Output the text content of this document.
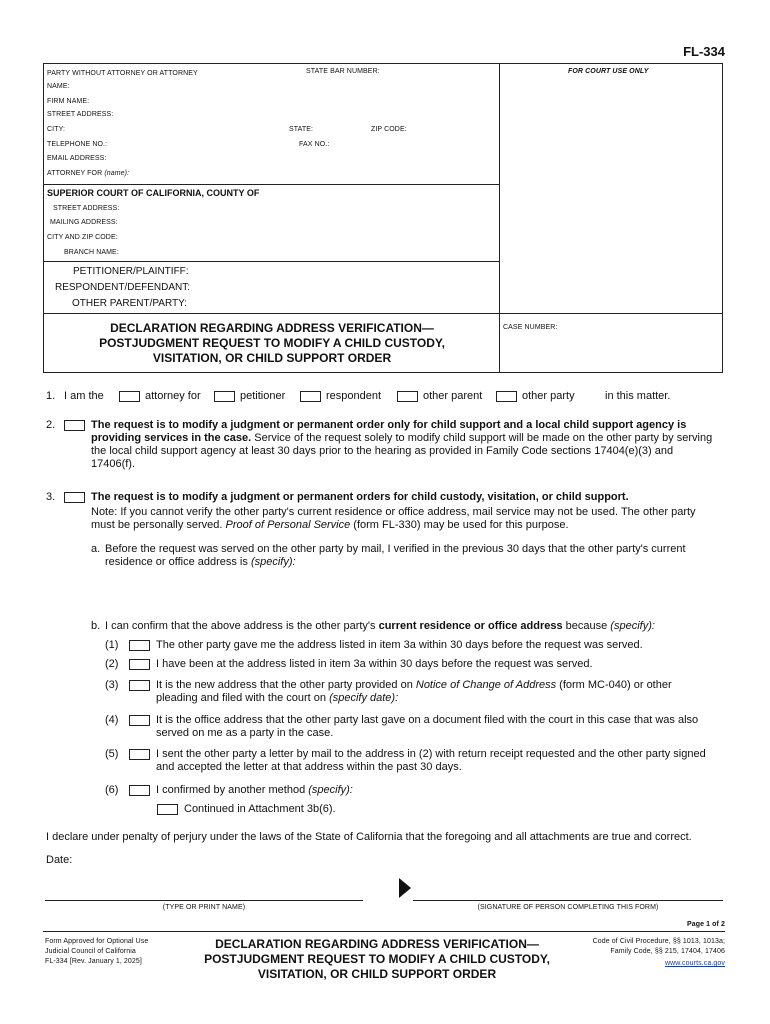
FL-334
PARTY WITHOUT ATTORNEY OR ATTORNEY	STATE BAR NUMBER:	FOR COURT USE ONLY
NAME:
FIRM NAME:
STREET ADDRESS:
CITY:	STATE:	ZIP CODE:
TELEPHONE NO.:	FAX NO.:
EMAIL ADDRESS:
ATTORNEY FOR (name):
SUPERIOR COURT OF CALIFORNIA, COUNTY OF
STREET ADDRESS:
MAILING ADDRESS:
CITY AND ZIP CODE:
BRANCH NAME:
PETITIONER/PLAINTIFF:
RESPONDENT/DEFENDANT:
OTHER PARENT/PARTY:
DECLARATION REGARDING ADDRESS VERIFICATION—
POSTJUDGMENT REQUEST TO MODIFY A CHILD CUSTODY,
VISITATION, OR CHILD SUPPORT ORDER
CASE NUMBER:
1. I am the	attorney for	petitioner	respondent	other parent	other party	in this matter.
2.	The request is to modify a judgment or permanent order only for child support and a local child support agency is providing services in the case. Service of the request solely to modify child support will be made on the other party by serving the local child support agency at least 30 days prior to the hearing as provided in Family Code sections 17404(e)(3) and 17406(f).

3.	The request is to modify a judgment or permanent orders for child custody, visitation, or child support.

Note: If you cannot verify the other party's current residence or office address, mail service may not be used. The other party must be personally served. Proof of Personal Service (form FL-330) may be used for this purpose.

a. Before the request was served on the other party by mail, I verified in the previous 30 days that the other party's current residence or office address is (specify):

b. I can confirm that the above address is the other party's current residence or office address because (specify):

(1)	The other party gave me the address listed in item 3a within 30 days before the request was served.

(2)	I have been at the address listed in item 3a within 30 days before the request was served.

(3)	It is the new address that the other party provided on Notice of Change of Address (form MC-040) or other pleading and filed with the court on (specify date):

(4)	It is the office address that the other party last gave on a document filed with the court in this case that was also served on me as a party in the case.

(5)	I sent the other party a letter by mail to the address in (2) with return receipt requested and the other party signed and accepted the letter at that address within the past 30 days.

(6)	I confirmed by another method (specify):

Continued in Attachment 3b(6).

I declare under penalty of perjury under the laws of the State of California that the foregoing and all attachments are true and correct.

Date:
(TYPE OR PRINT NAME)	(SIGNATURE OF PERSON COMPLETING THIS FORM)
Page 1 of 2
Form Approved for Optional Use
Judicial Council of California
FL-334 [Rev. January 1, 2025]
DECLARATION REGARDING ADDRESS VERIFICATION—
POSTJUDGMENT REQUEST TO MODIFY A CHILD CUSTODY,
VISITATION, OR CHILD SUPPORT ORDER
Code of Civil Procedure, §§ 1013, 1013a;
Family Code, §§ 215, 17404, 17406
www.courts.ca.gov
